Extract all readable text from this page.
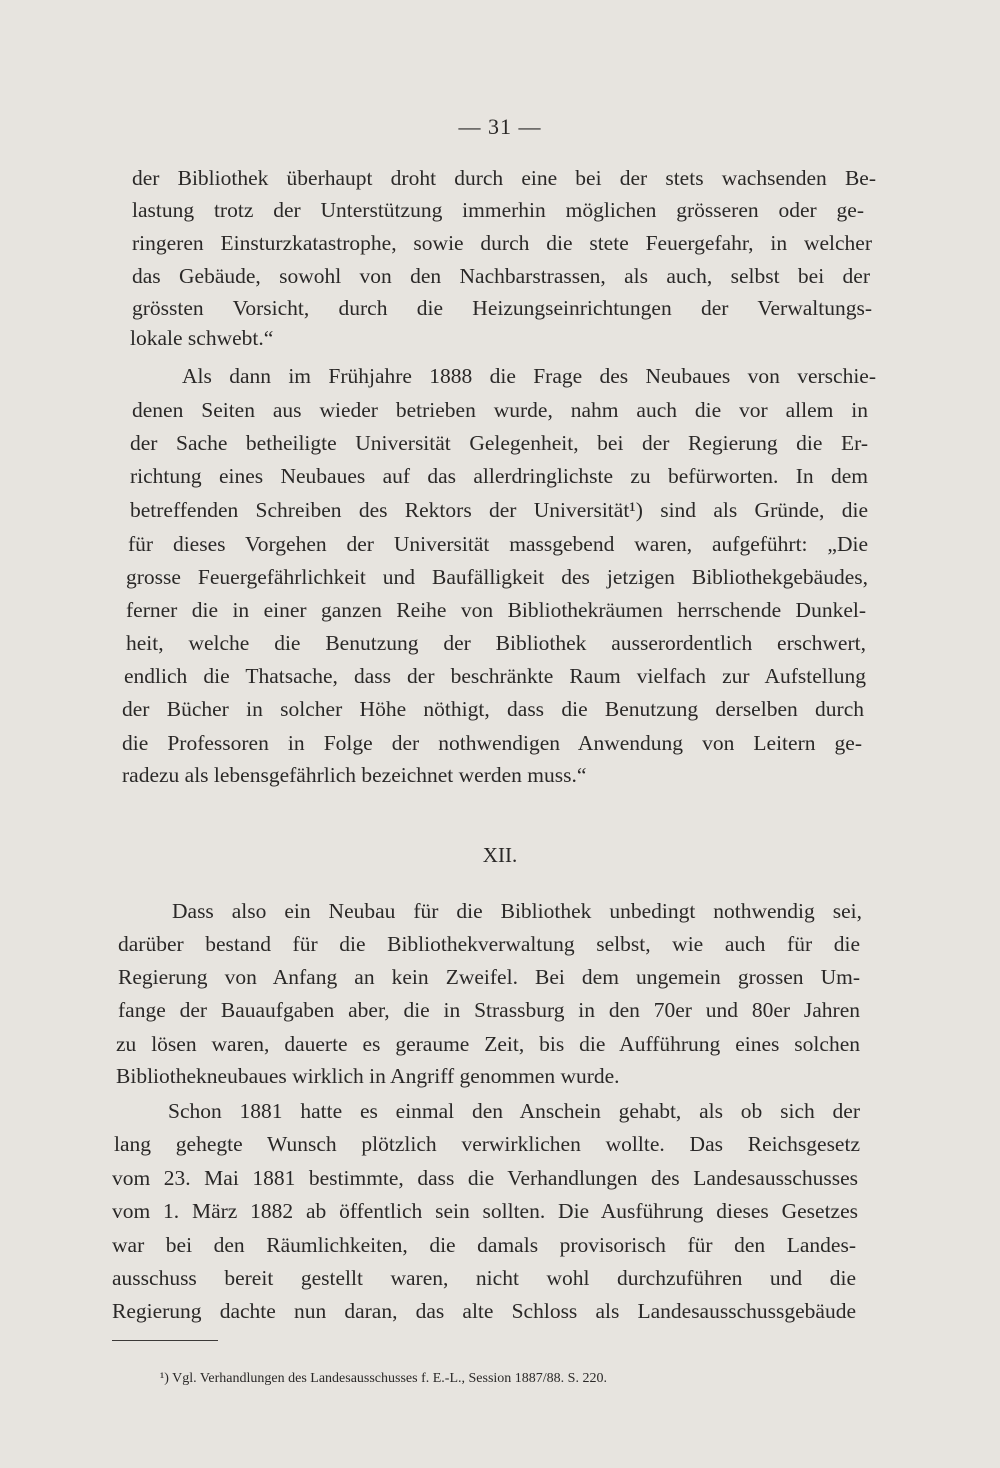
— 31 —
der Bibliothek überhaupt droht durch eine bei der stets wachsenden Be-
lastung trotz der Unterstützung immerhin möglichen grösseren oder ge-
ringeren Einsturzkatastrophe, sowie durch die stete Feuergefahr, in welcher
das Gebäude, sowohl von den Nachbarstrassen, als auch, selbst bei der
grössten Vorsicht, durch die Heizungseinrichtungen der Verwaltungs-
lokale schwebt.“
Als dann im Frühjahre 1888 die Frage des Neubaues von verschie-
denen Seiten aus wieder betrieben wurde, nahm auch die vor allem in
der Sache betheiligte Universität Gelegenheit, bei der Regierung die Er-
richtung eines Neubaues auf das allerdringlichste zu befürworten. In dem
betreffenden Schreiben des Rektors der Universität¹) sind als Gründe, die
für dieses Vorgehen der Universität massgebend waren, aufgeführt: „Die
grosse Feuergefährlichkeit und Baufälligkeit des jetzigen Bibliothekgebäudes,
ferner die in einer ganzen Reihe von Bibliothekräumen herrschende Dunkel-
heit, welche die Benutzung der Bibliothek ausserordentlich erschwert,
endlich die Thatsache, dass der beschränkte Raum vielfach zur Aufstellung
der Bücher in solcher Höhe nöthigt, dass die Benutzung derselben durch
die Professoren in Folge der nothwendigen Anwendung von Leitern ge-
radezu als lebensgefährlich bezeichnet werden muss.“
XII.
Dass also ein Neubau für die Bibliothek unbedingt nothwendig sei,
darüber bestand für die Bibliothekverwaltung selbst, wie auch für die
Regierung von Anfang an kein Zweifel. Bei dem ungemein grossen Um-
fange der Bauaufgaben aber, die in Strassburg in den 70er und 80er Jahren
zu lösen waren, dauerte es geraume Zeit, bis die Aufführung eines solchen
Bibliothekneubaues wirklich in Angriff genommen wurde.
Schon 1881 hatte es einmal den Anschein gehabt, als ob sich der
lang gehegte Wunsch plötzlich verwirklichen wollte. Das Reichsgesetz
vom 23. Mai 1881 bestimmte, dass die Verhandlungen des Landesausschusses
vom 1. März 1882 ab öffentlich sein sollten. Die Ausführung dieses Gesetzes
war bei den Räumlichkeiten, die damals provisorisch für den Landes-
ausschuss bereit gestellt waren, nicht wohl durchzuführen und die
Regierung dachte nun daran, das alte Schloss als Landesausschussgebäude
¹) Vgl. Verhandlungen des Landesausschusses f. E.-L., Session 1887/88. S. 220.
